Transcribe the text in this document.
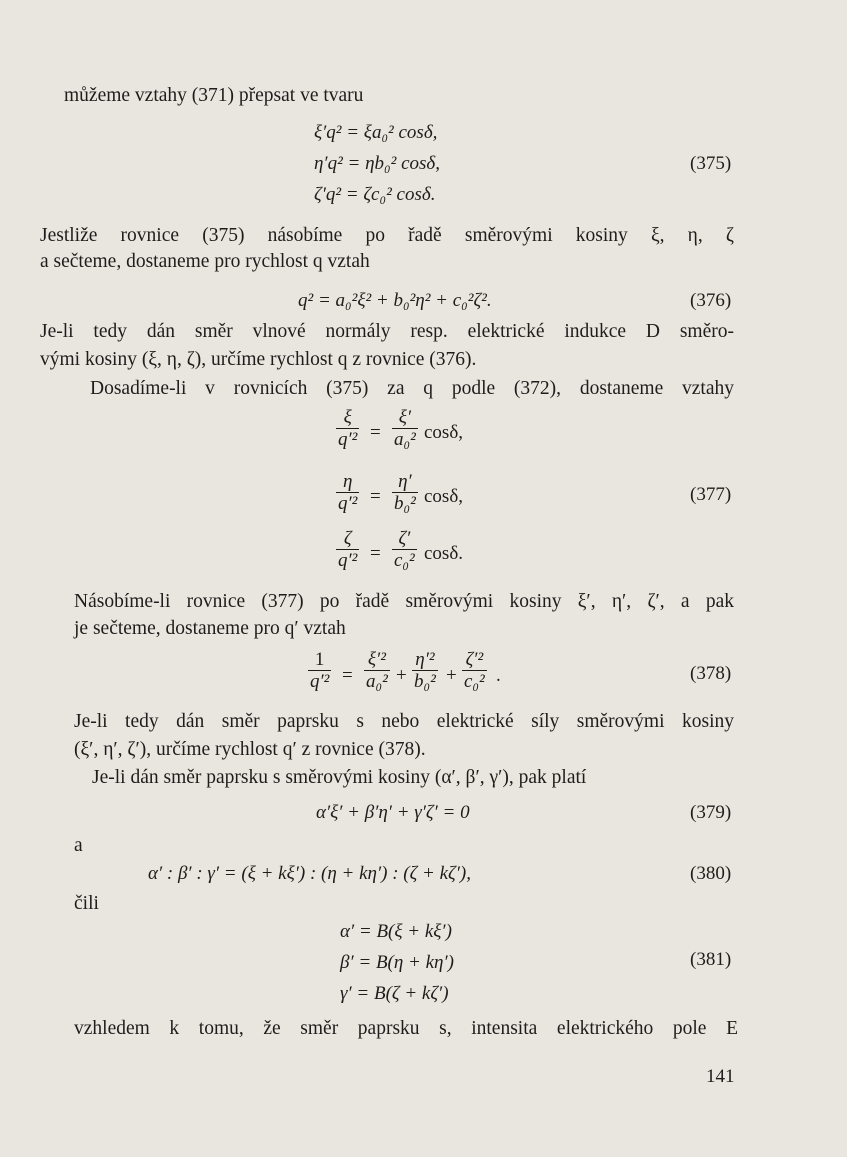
můžeme vztahy (371) přepsat ve tvaru
ξ′q² = ξa₀² cosδ,
η′q² = ηb₀² cosδ,
ζ′q² = ζc₀² cosδ.
(375)
Jestliže rovnice (375) násobíme po řadě směrovými kosiny ξ, η, ζ
a sečteme, dostaneme pro rychlost q vztah
q² = a₀²ξ² + b₀²η² + c₀²ζ².	(376)
Je-li tedy dán směr vlnové normály resp. elektrické indukce D směro-
vými kosiny (ξ, η, ζ), určíme rychlost q z rovnice (376).
Dosadíme-li v rovnicích (375) za q podle (372), dostaneme vztahy
$\frac{\xi}{\text{q′²}} = \frac{\xi'}{\text{a₀²}} \cos\delta$,
$\frac{\eta}{\text{q′²}} = \frac{\eta'}{\text{b₀²}} \cos\delta$,
$\frac{\zeta}{\text{q′²}} = \frac{\zeta'}{\text{c₀²}} \cos\delta$.
(377)
Násobíme-li rovnice (377) po řadě směrovými kosiny ξ′, η′, ζ′, a pak
je sečteme, dostaneme pro q′ vztah
$\frac{1}{\text{q′²}} = \frac{\text{ξ′²}}{\text{a₀²}} + \frac{\text{η′²}}{\text{b₀²}} + \frac{\text{ζ′²}}{\text{c₀²}}$ .	(378)
Je-li tedy dán směr paprsku s nebo elektrické síly směrovými kosiny
(ξ′, η′, ζ′), určíme rychlost q′ z rovnice (378).
Je-li dán směr paprsku s směrovými kosiny (α′, β′, γ′), pak platí
α′ξ′ + β′η′ + γ′ζ′ = 0	(379)
a
α′ : β′ : γ′ = (ξ + kξ′) : (η + kη′) : (ζ + kζ′),	(380)
čili
α′ = B(ξ + kξ′)
β′ = B(η + kη′)
γ′ = B(ζ + kζ′)
(381)
vzhledem k tomu, že směr paprsku s, intensita elektrického pole E
141
